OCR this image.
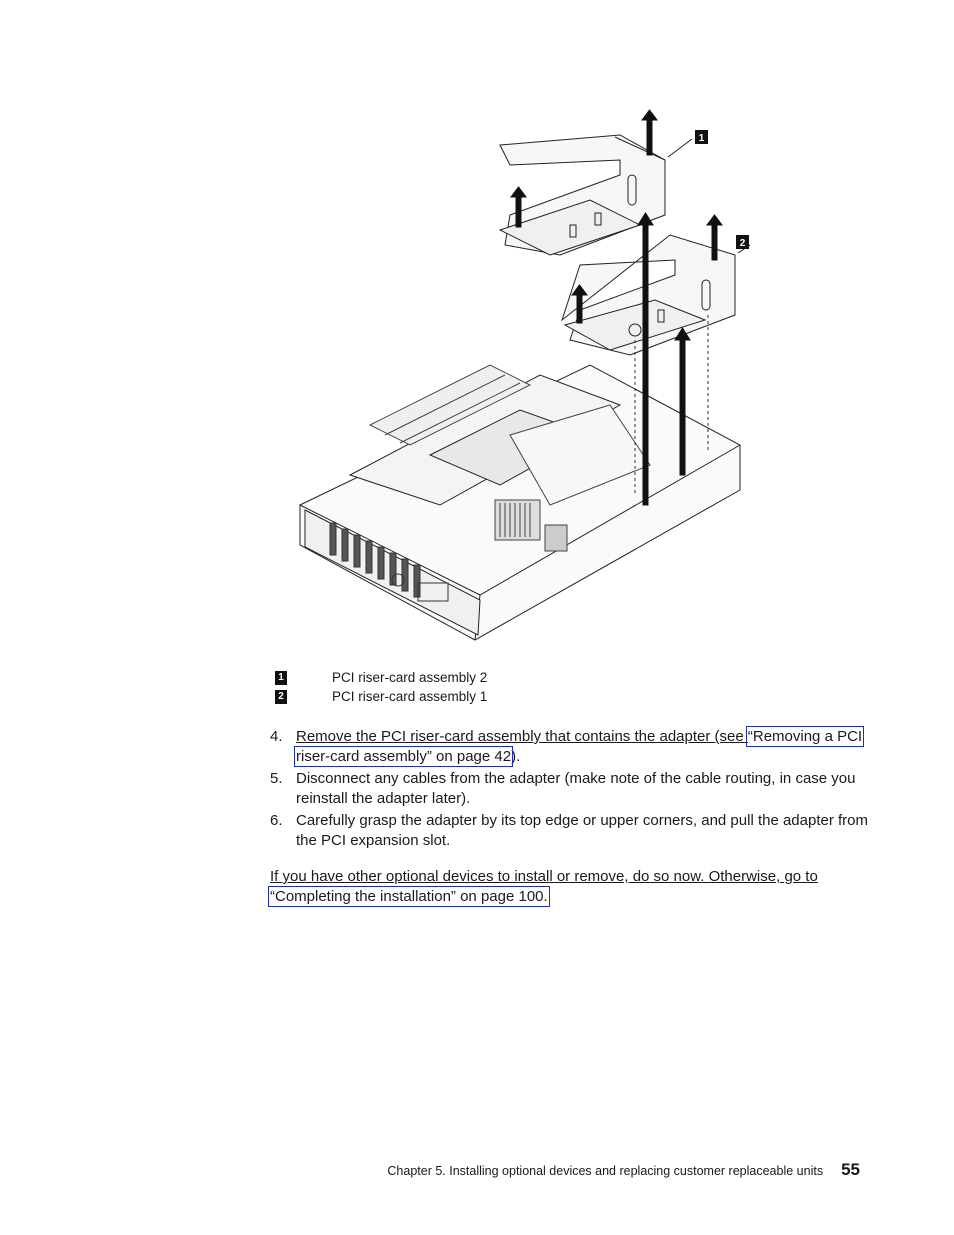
1
2
1	PCI riser-card assembly 2
2	PCI riser-card assembly 1
4. Remove the PCI riser-card assembly that contains the adapter (see “Removing a PCI riser-card assembly” on page 42).
5. Disconnect any cables from the adapter (make note of the cable routing, in case you reinstall the adapter later).
6. Carefully grasp the adapter by its top edge or upper corners, and pull the adapter from the PCI expansion slot.
If you have other optional devices to install or remove, do so now. Otherwise, go to “Completing the installation” on page 100.
Chapter 5. Installing optional devices and replacing customer replaceable units 55
